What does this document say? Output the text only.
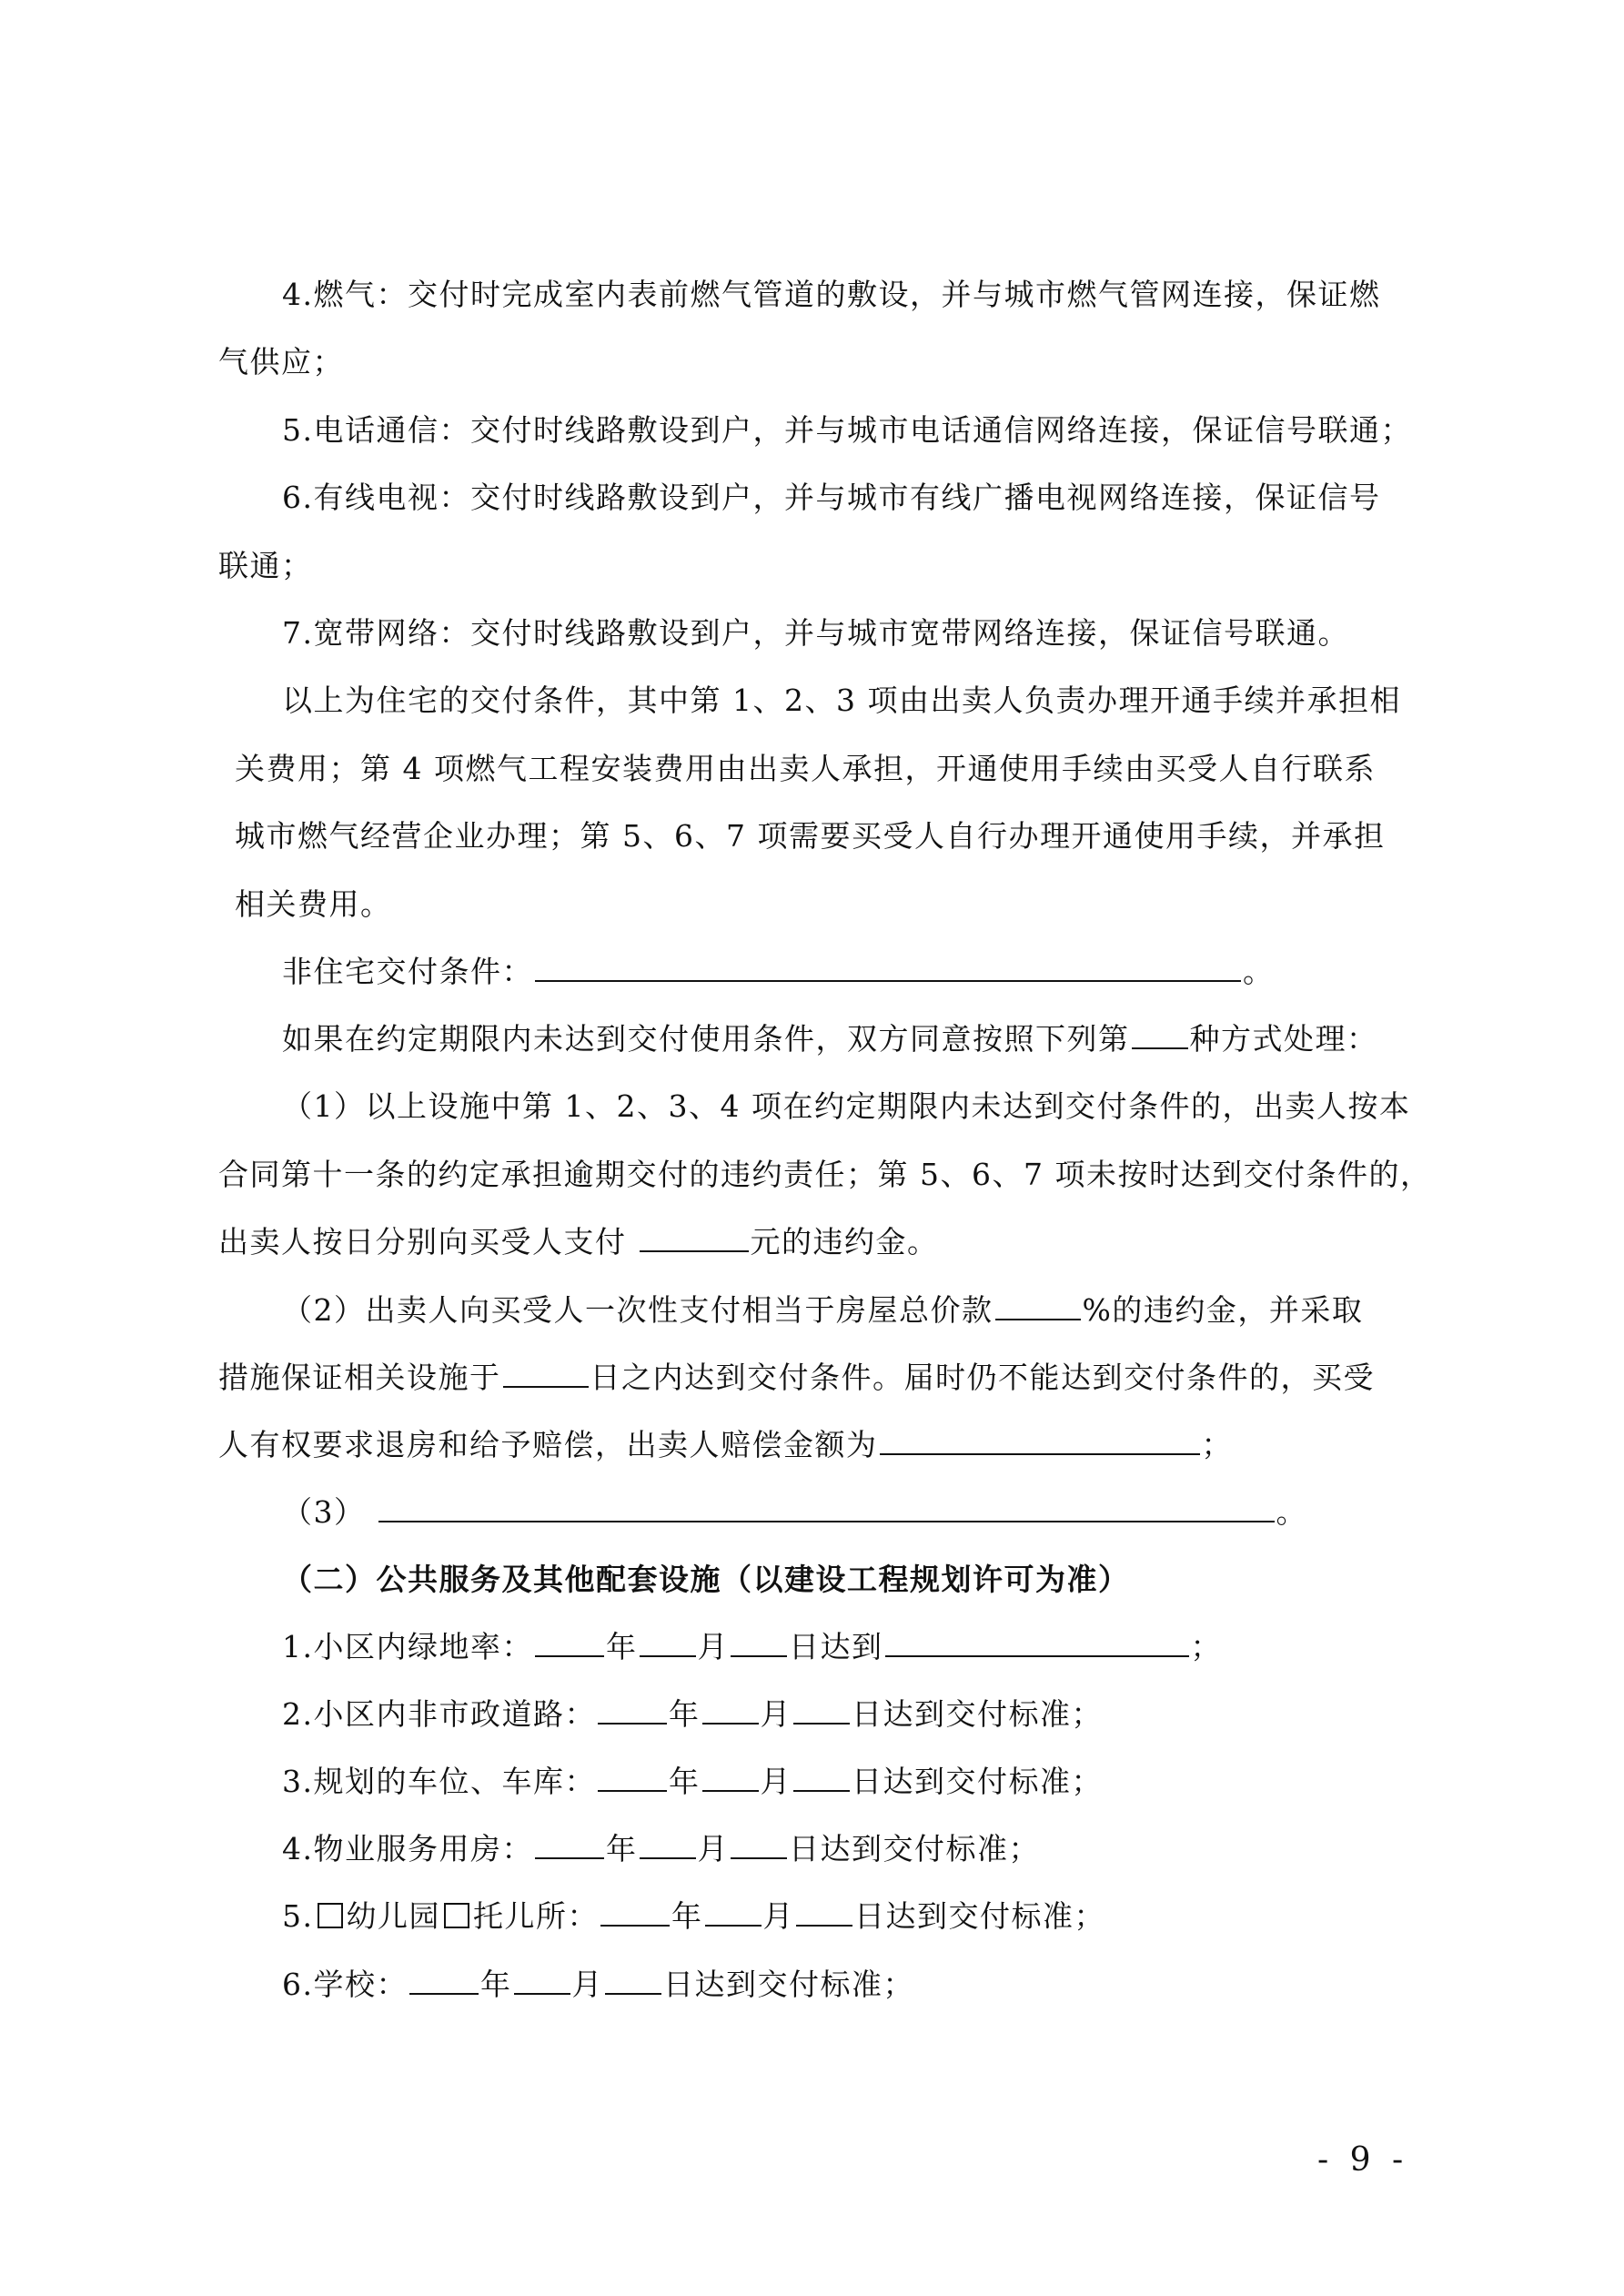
4.燃气：交付时完成室内表前燃气管道的敷设，并与城市燃气管网连接，保证燃
气供应；
5.电话通信：交付时线路敷设到户，并与城市电话通信网络连接，保证信号联通；
6.有线电视：交付时线路敷设到户，并与城市有线广播电视网络连接，保证信号
联通；
7.宽带网络：交付时线路敷设到户，并与城市宽带网络连接，保证信号联通。
以上为住宅的交付条件，其中第 1、2、3 项由出卖人负责办理开通手续并承担相
关费用；第 4 项燃气工程安装费用由出卖人承担，开通使用手续由买受人自行联系
城市燃气经营企业办理；第 5、6、7 项需要买受人自行办理开通使用手续，并承担
相关费用。
非住宅交付条件：	。
如果在约定期限内未达到交付使用条件，双方同意按照下列第 种方式处理：
（1）以上设施中第 1、2、3、4 项在约定期限内未达到交付条件的，出卖人按本
合同第十一条的约定承担逾期交付的违约责任；第 5、6、7 项未按时达到交付条件的，
出卖人按日分别向买受人支付	元的违约金。
（2）出卖人向买受人一次性支付相当于房屋总价款	%的违约金，并采取
措施保证相关设施于	日之内达到交付条件。届时仍不能达到交付条件的，买受
人有权要求退房和给予赔偿，出卖人赔偿金额为	；
（3）	。
（二）公共服务及其他配套设施（以建设工程规划许可为准）
1.小区内绿地率： 年 月 日达到	；
2.小区内非市政道路： 年 月 日达到交付标准；
3.规划的车位、车库： 年 月 日达到交付标准；
4.物业服务用房： 年 月 日达到交付标准；
5. 幼儿园 托儿所： 年 月 日达到交付标准；
6.学校： 年 月 日达到交付标准；
- 9 -
